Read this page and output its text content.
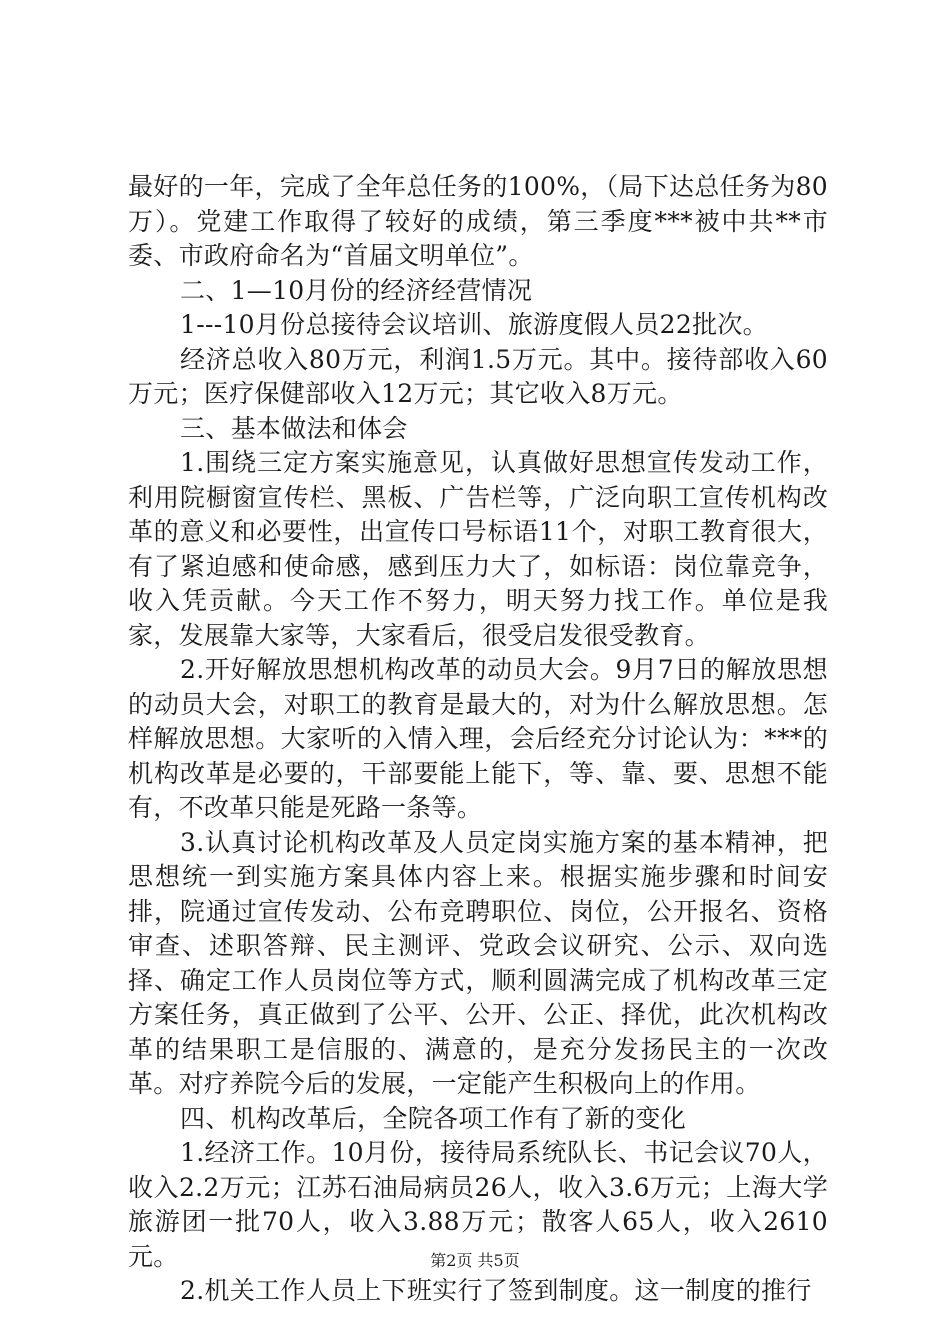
最好的一年，完成了全年总任务的100%，（局下达总任务为80万）。党建工作取得了较好的成绩，第三季度***被中共**市委、市政府命名为“首届文明单位”。

二、1—10月份的经济经营情况

1---10月份总接待会议培训、旅游度假人员22批次。

经济总收入80万元，利润1.5万元。其中。接待部收入60万元；医疗保健部收入12万元；其它收入8万元。

三、基本做法和体会

1.围绕三定方案实施意见，认真做好思想宣传发动工作，利用院橱窗宣传栏、黑板、广告栏等，广泛向职工宣传机构改革的意义和必要性，出宣传口号标语11个，对职工教育很大，有了紧迫感和使命感，感到压力大了，如标语：岗位靠竞争，收入凭贡献。今天工作不努力，明天努力找工作。单位是我家，发展靠大家等，大家看后，很受启发很受教育。

2.开好解放思想机构改革的动员大会。9月7日的解放思想的动员大会，对职工的教育是最大的，对为什么解放思想。怎样解放思想。大家听的入情入理，会后经充分讨论认为：***的机构改革是必要的，干部要能上能下，等、靠、要、思想不能有，不改革只能是死路一条等。

3.认真讨论机构改革及人员定岗实施方案的基本精神，把思想统一到实施方案具体内容上来。根据实施步骤和时间安排，院通过宣传发动、公布竞聘职位、岗位，公开报名、资格审查、述职答辩、民主测评、党政会议研究、公示、双向选择、确定工作人员岗位等方式，顺利圆满完成了机构改革三定方案任务，真正做到了公平、公开、公正、择优，此次机构改革的结果职工是信服的、满意的，是充分发扬民主的一次改革。对疗养院今后的发展，一定能产生积极向上的作用。

四、机构改革后，全院各项工作有了新的变化

1.经济工作。10月份，接待局系统队长、书记会议70人，收入2.2万元；江苏石油局病员26人，收入3.6万元；上海大学旅游团一批70人，收入3.88万元；散客人65人，收入2610元。

2.机关工作人员上下班实行了签到制度。这一制度的推行

第2页 共5页
